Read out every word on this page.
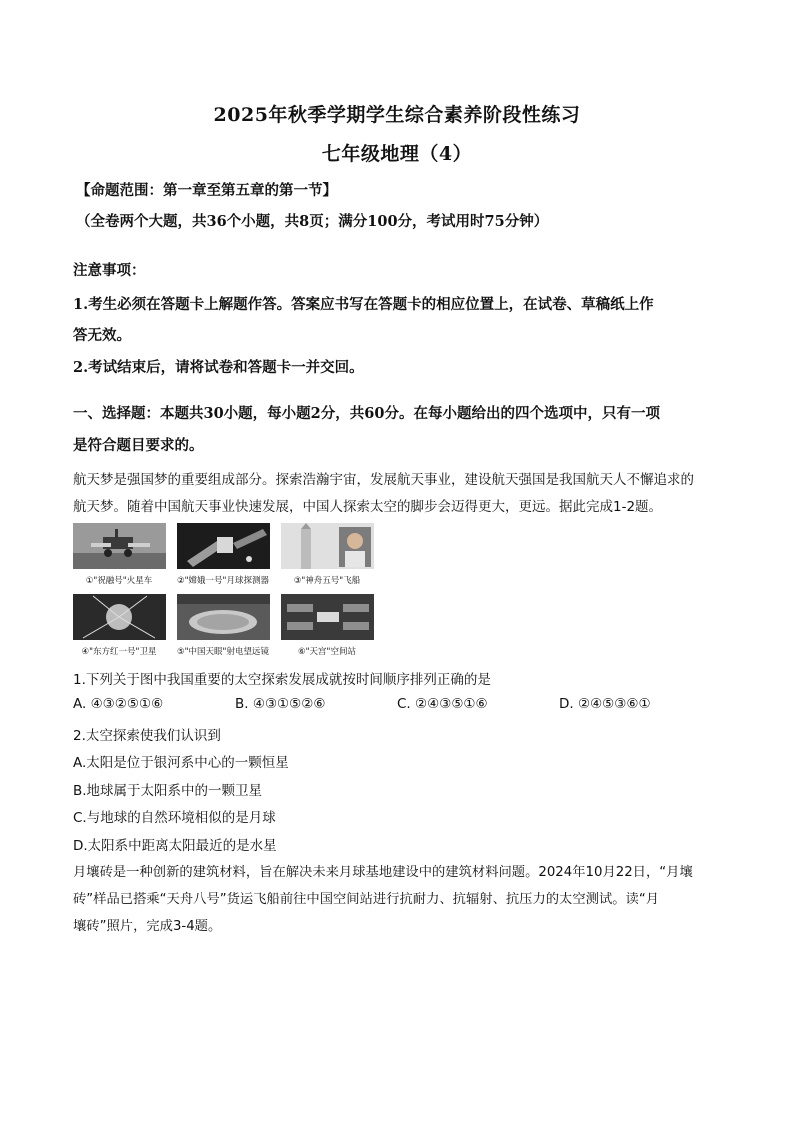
2025年秋季学期学生综合素养阶段性练习
七年级地理（4）
【命题范围：第一章至第五章的第一节】
（全卷两个大题，共36个小题，共8页；满分100分，考试用时75分钟）
注意事项：
1.考生必须在答题卡上解题作答。答案应书写在答题卡的相应位置上，在试卷、草稿纸上作
答无效。
2.考试结束后，请将试卷和答题卡一并交回。
一、选择题：本题共30小题，每小题2分，共60分。在每小题给出的四个选项中，只有一项
是符合题目要求的。
航天梦是强国梦的重要组成部分。探索浩瀚宇宙，发展航天事业，建设航天强国是我国航天人不懈追求的
航天梦。随着中国航天事业快速发展，中国人探索太空的脚步会迈得更大，更远。据此完成1-2题。
①"祝融号"火星车	②"嫦娥一号"月球探测器	③"神舟五号"飞船
④"东方红一号"卫星	⑤"中国天眼"射电望远镜	⑥"天宫"空间站
1.下列关于图中我国重要的太空探索发展成就按时间顺序排列正确的是
A. ④③②⑤①⑥	B. ④③①⑤②⑥	C. ②④③⑤①⑥	D. ②④⑤③⑥①
2.太空探索使我们认识到
A.太阳是位于银河系中心的一颗恒星
B.地球属于太阳系中的一颗卫星
C.与地球的自然环境相似的是月球
D.太阳系中距离太阳最近的是水星
月壤砖是一种创新的建筑材料，旨在解决未来月球基地建设中的建筑材料问题。2024年10月22日，“月壤
砖”样品已搭乘“天舟八号”货运飞船前往中国空间站进行抗耐力、抗辐射、抗压力的太空测试。读“月
壤砖”照片，完成3-4题。
